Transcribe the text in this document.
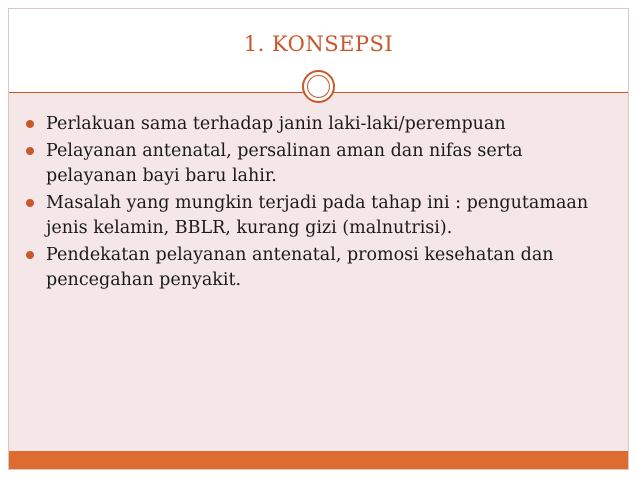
1. KONSEPSI
Perlakuan sama terhadap janin laki-laki/perempuan
Pelayanan antenatal, persalinan aman dan nifas serta pelayanan bayi baru lahir.
Masalah yang mungkin terjadi pada tahap ini : pengutamaan jenis kelamin, BBLR, kurang gizi (malnutrisi).
Pendekatan pelayanan antenatal, promosi kesehatan dan pencegahan penyakit.
